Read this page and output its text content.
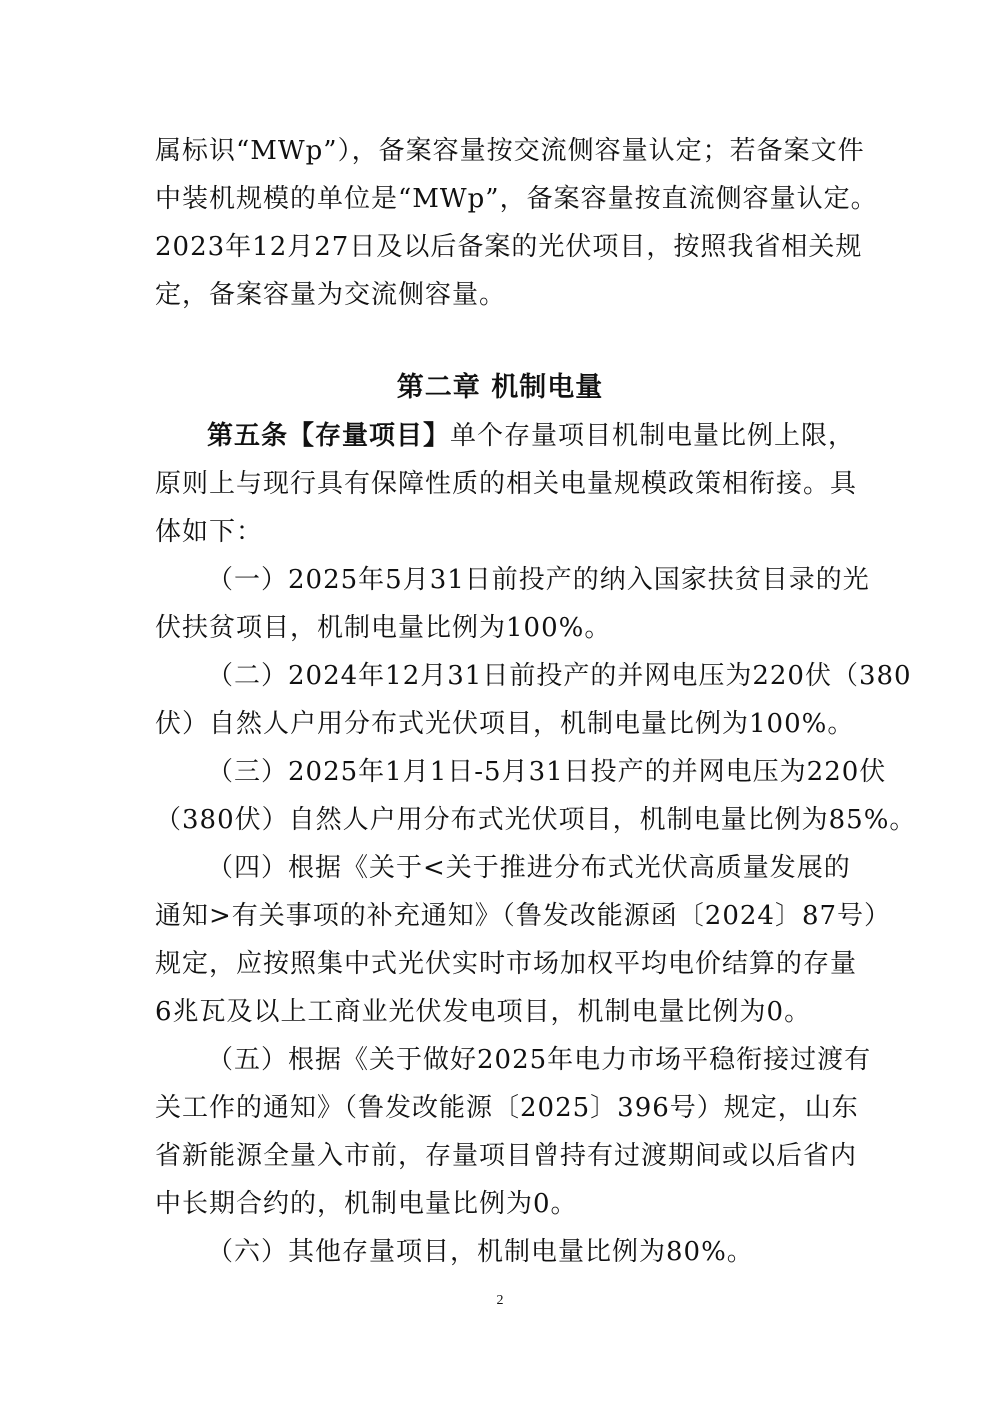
属标识“MWp”），备案容量按交流侧容量认定；若备案文件
中装机规模的单位是“MWp”，备案容量按直流侧容量认定。
2023年12月27日及以后备案的光伏项目，按照我省相关规
定，备案容量为交流侧容量。
第二章 机制电量
第五条【存量项目】单个存量项目机制电量比例上限，
原则上与现行具有保障性质的相关电量规模政策相衔接。具
体如下：
（一）2025年5月31日前投产的纳入国家扶贫目录的光
伏扶贫项目，机制电量比例为100%。
（二）2024年12月31日前投产的并网电压为220伏（380
伏）自然人户用分布式光伏项目，机制电量比例为100%。
（三）2025年1月1日-5月31日投产的并网电压为220伏
（380伏）自然人户用分布式光伏项目，机制电量比例为85%。
（四）根据《关于<关于推进分布式光伏高质量发展的
通知>有关事项的补充通知》（鲁发改能源函〔2024〕87号）
规定，应按照集中式光伏实时市场加权平均电价结算的存量
6兆瓦及以上工商业光伏发电项目，机制电量比例为0。
（五）根据《关于做好2025年电力市场平稳衔接过渡有
关工作的通知》（鲁发改能源〔2025〕396号）规定，山东
省新能源全量入市前，存量项目曾持有过渡期间或以后省内
中长期合约的，机制电量比例为0。
（六）其他存量项目，机制电量比例为80%。
2
